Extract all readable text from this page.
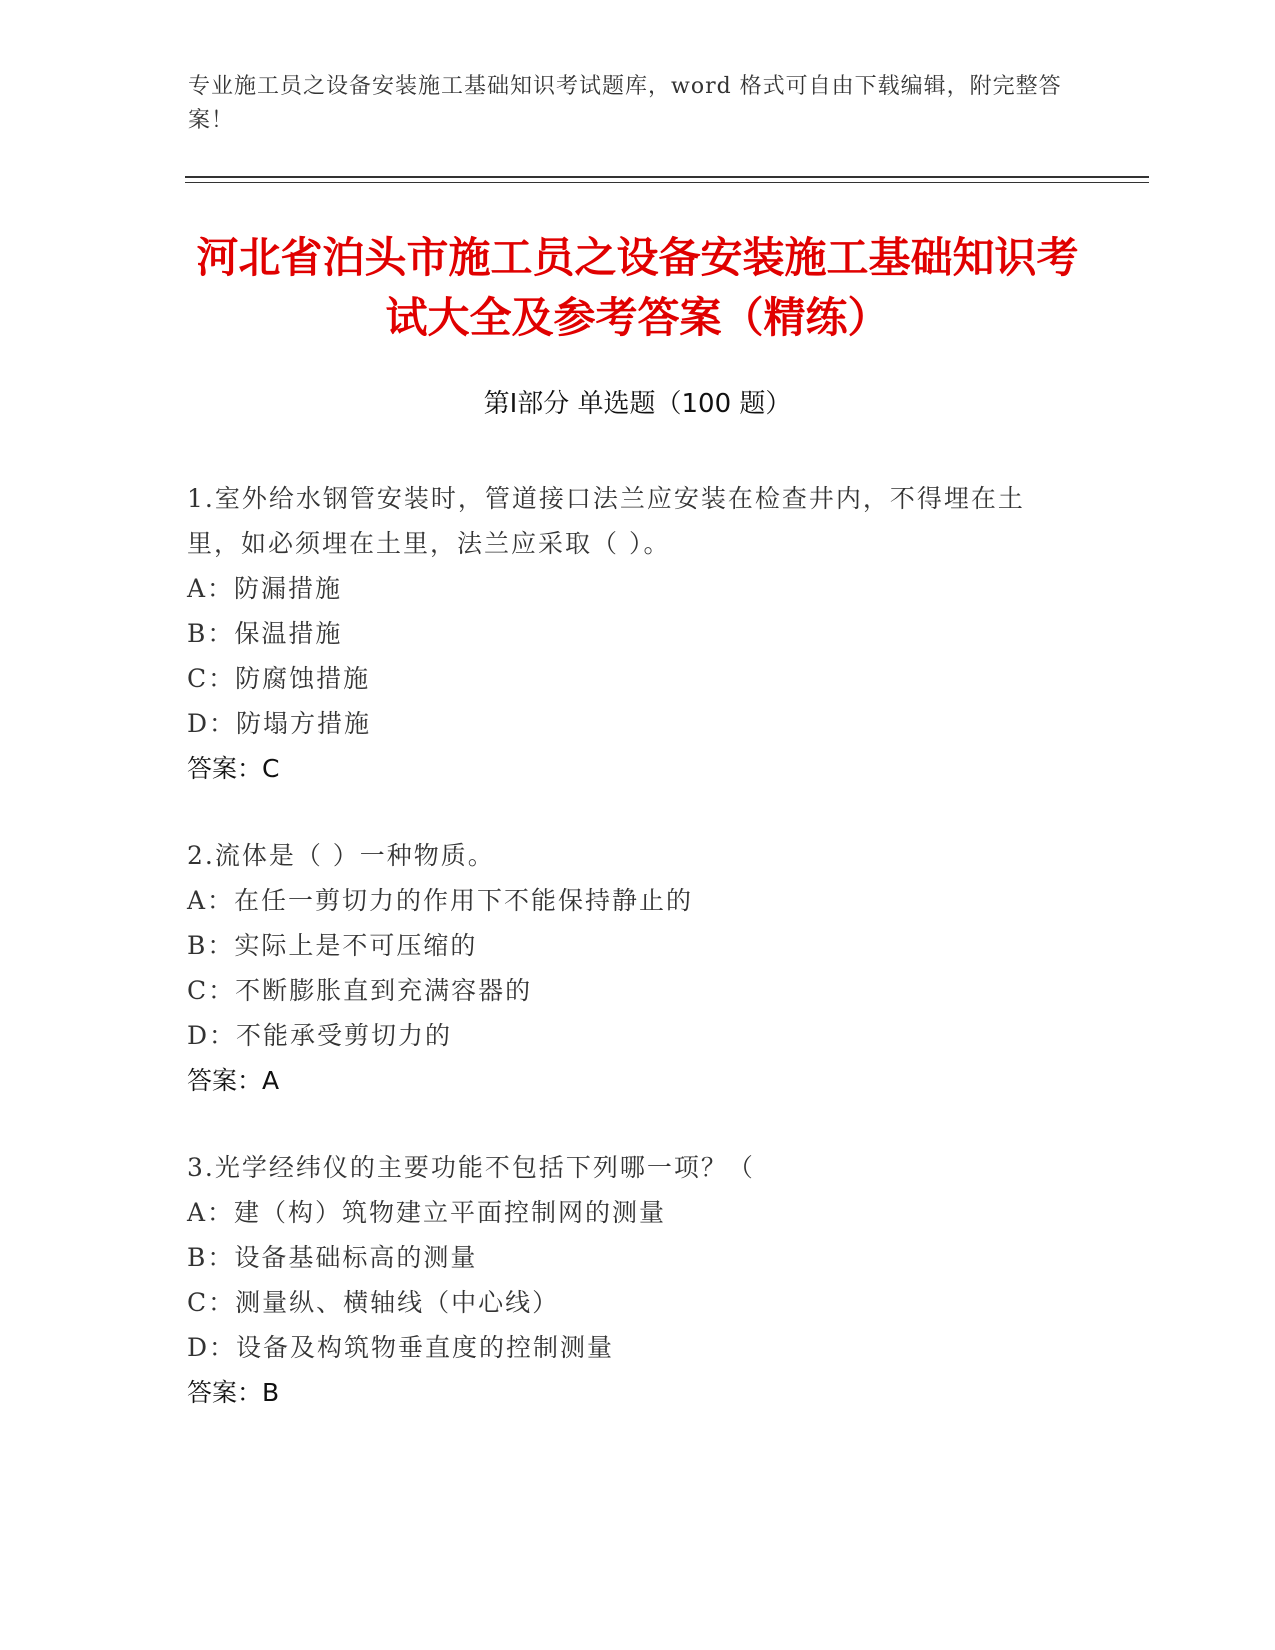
专业施工员之设备安装施工基础知识考试题库，word 格式可自由下载编辑，附完整答案！
河北省泊头市施工员之设备安装施工基础知识考试大全及参考答案（精练）
第Ⅰ部分 单选题（100 题）
1.室外给水钢管安装时，管道接口法兰应安装在检查井内，不得埋在土里，如必须埋在土里，法兰应采取（ ）。
A：防漏措施
B：保温措施
C：防腐蚀措施
D：防塌方措施
答案：C
2.流体是（ ）一种物质。
A：在任一剪切力的作用下不能保持静止的
B：实际上是不可压缩的
C：不断膨胀直到充满容器的
D：不能承受剪切力的
答案：A
3.光学经纬仪的主要功能不包括下列哪一项？（
A：建（构）筑物建立平面控制网的测量
B：设备基础标高的测量
C：测量纵、横轴线（中心线）
D：设备及构筑物垂直度的控制测量
答案：B
